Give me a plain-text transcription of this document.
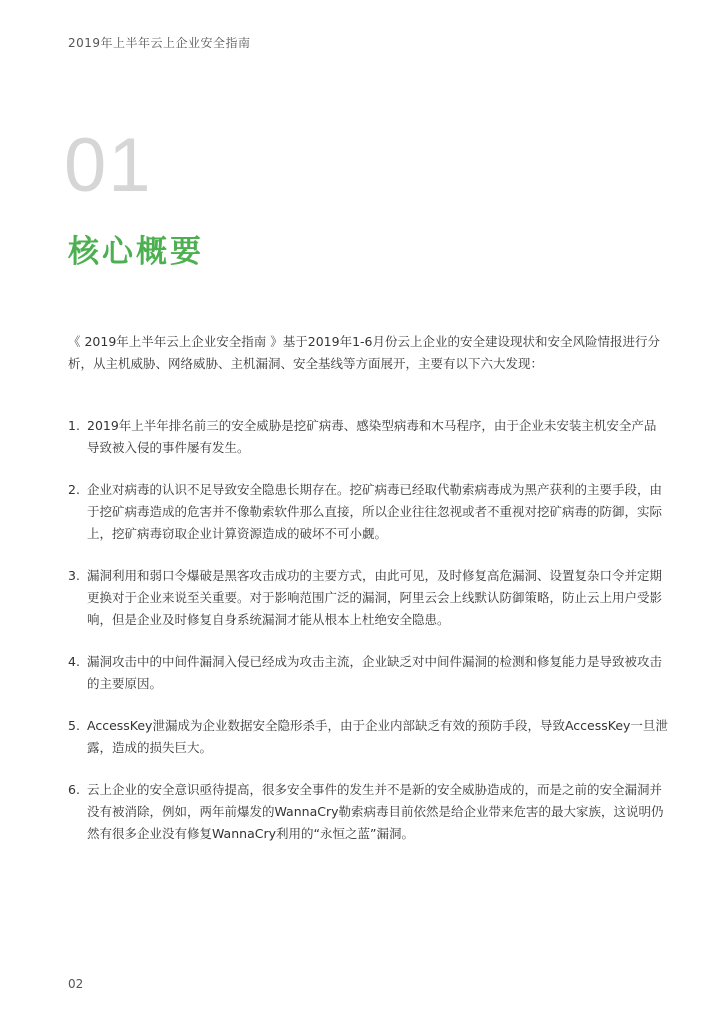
2019年上半年云上企业安全指南
01
核心概要

《 2019年上半年云上企业安全指南 》基于2019年1-6月份云上企业的安全建设现状和安全风险情报进行分析，从主机威胁、网络威胁、主机漏洞、安全基线等方面展开，主要有以下六大发现：

1. 2019年上半年排名前三的安全威胁是挖矿病毒、感染型病毒和木马程序，由于企业未安装主机安全产品导致被入侵的事件屡有发生。
2. 企业对病毒的认识不足导致安全隐患长期存在。挖矿病毒已经取代勒索病毒成为黑产获利的主要手段，由于挖矿病毒造成的危害并不像勒索软件那么直接，所以企业往往忽视或者不重视对挖矿病毒的防御，实际上，挖矿病毒窃取企业计算资源造成的破坏不可小觑。
3. 漏洞利用和弱口令爆破是黑客攻击成功的主要方式，由此可见，及时修复高危漏洞、设置复杂口令并定期更换对于企业来说至关重要。对于影响范围广泛的漏洞，阿里云会上线默认防御策略，防止云上用户受影响，但是企业及时修复自身系统漏洞才能从根本上杜绝安全隐患。
4. 漏洞攻击中的中间件漏洞入侵已经成为攻击主流，企业缺乏对中间件漏洞的检测和修复能力是导致被攻击的主要原因。
5. AccessKey泄漏成为企业数据安全隐形杀手，由于企业内部缺乏有效的预防手段，导致AccessKey一旦泄露，造成的损失巨大。
6. 云上企业的安全意识亟待提高，很多安全事件的发生并不是新的安全威胁造成的，而是之前的安全漏洞并没有被消除，例如，两年前爆发的WannaCry勒索病毒目前依然是给企业带来危害的最大家族，这说明仍然有很多企业没有修复WannaCry利用的“永恒之蓝”漏洞。
02
